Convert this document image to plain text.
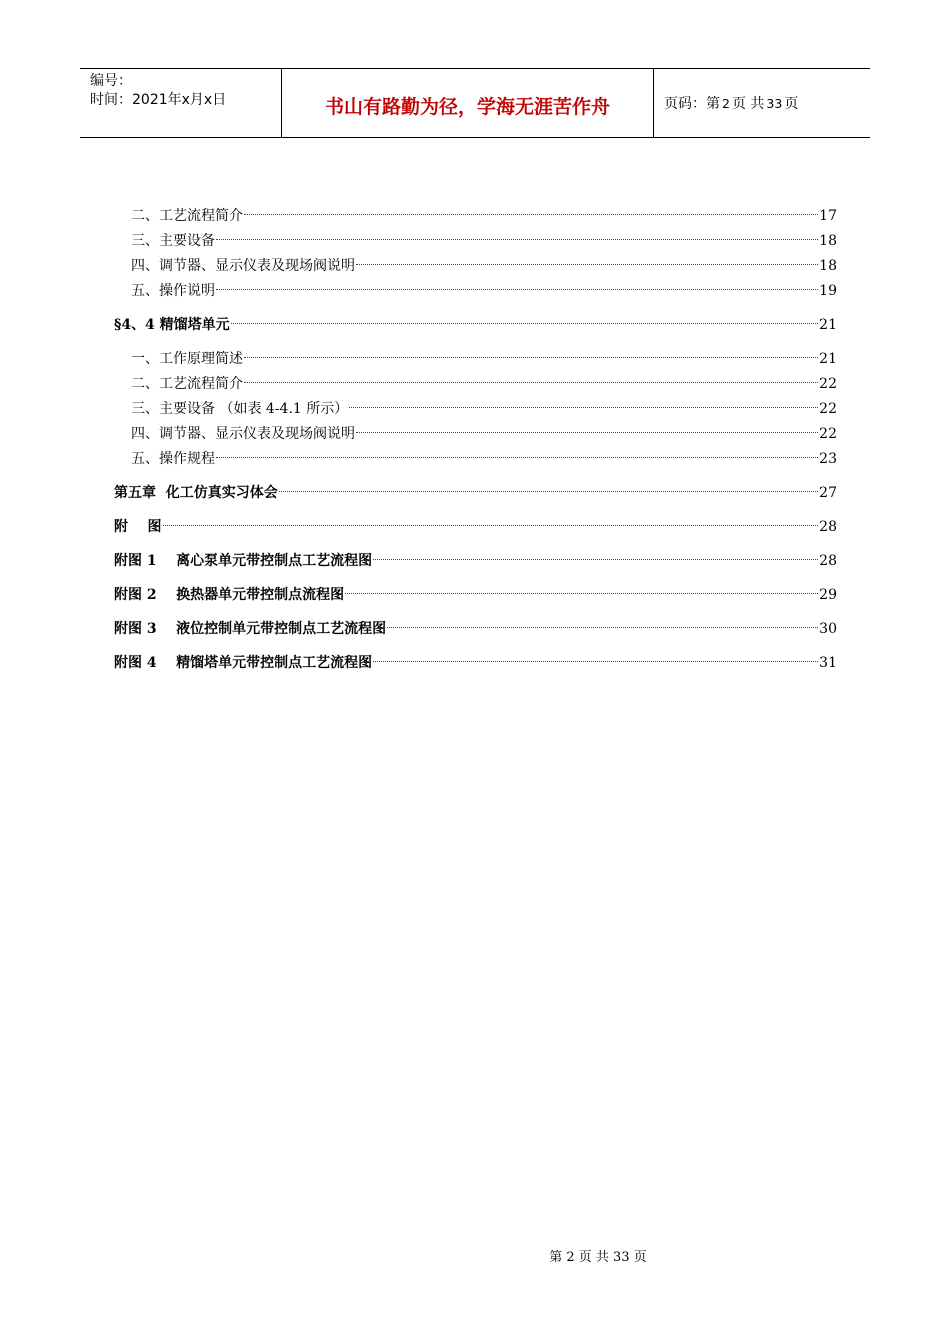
编号：
时间：2021年x月x日	书山有路勤为径，学海无涯苦作舟	页码：第 2 页 共 33 页
二、工艺流程简介	17
三、主要设备	18
四、调节器、显示仪表及现场阀说明	18
五、操作说明	19
§4、4 精馏塔单元	21
一、工作原理简述	21
二、工艺流程简介	22
三、主要设备 （如表 4-4.1 所示）	22
四、调节器、显示仪表及现场阀说明	22
五、操作规程	23
第五章  化工仿真实习体会	27
附    图	28
附图 1    离心泵单元带控制点工艺流程图	28
附图 2    换热器单元带控制点流程图	29
附图 3    液位控制单元带控制点工艺流程图	30
附图 4    精馏塔单元带控制点工艺流程图	31
第 2 页 共 33 页
